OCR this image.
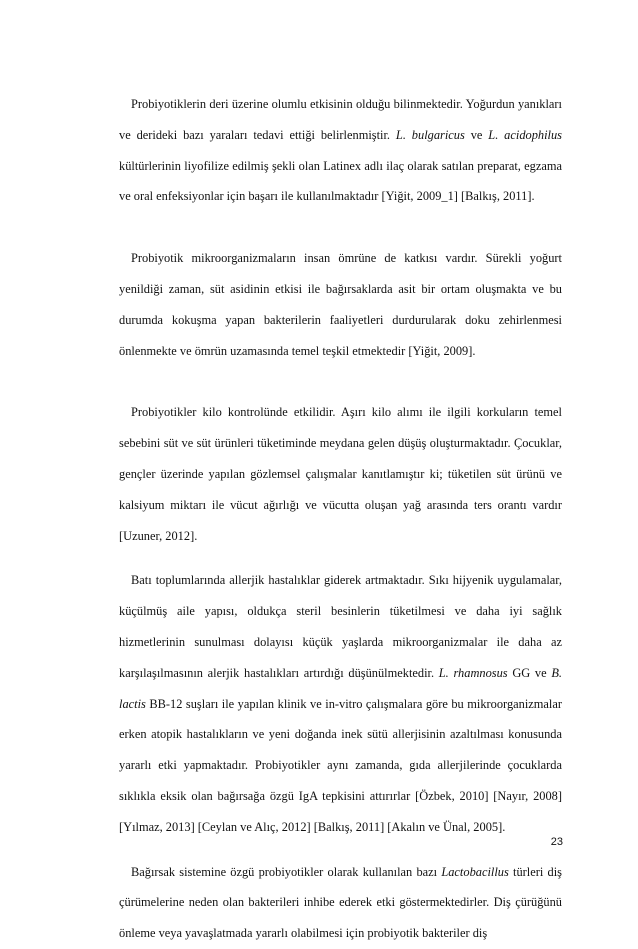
Probiyotiklerin deri üzerine olumlu etkisinin olduğu bilinmektedir. Yoğurdun yanıkları ve derideki bazı yaraları tedavi ettiği belirlenmiştir. L. bulgaricus ve L. acidophilus kültürlerinin liyofilize edilmiş şekli olan Latinex adlı ilaç olarak satılan preparat, egzama ve oral enfeksiyonlar için başarı ile kullanılmaktadır [Yiğit, 2009_1] [Balkış, 2011].

Probiyotik mikroorganizmaların insan ömrüne de katkısı vardır. Sürekli yoğurt yenildiği zaman, süt asidinin etkisi ile bağırsaklarda asit bir ortam oluşmakta ve bu durumda kokuşma yapan bakterilerin faaliyetleri durdurularak doku zehirlenmesi önlenmekte ve ömrün uzamasında temel teşkil etmektedir [Yiğit, 2009].

Probiyotikler kilo kontrolünde etkilidir. Aşırı kilo alımı ile ilgili korkuların temel sebebini süt ve süt ürünleri tüketiminde meydana gelen düşüş oluşturmaktadır. Çocuklar, gençler üzerinde yapılan gözlemsel çalışmalar kanıtlamıştır ki; tüketilen süt ürünü ve kalsiyum miktarı ile vücut ağırlığı ve vücutta oluşan yağ arasında ters orantı vardır [Uzuner, 2012].

Batı toplumlarında allerjik hastalıklar giderek artmaktadır. Sıkı hijyenik uygulamalar, küçülmüş aile yapısı, oldukça steril besinlerin tüketilmesi ve daha iyi sağlık hizmetlerinin sunulması dolayısı küçük yaşlarda mikroorganizmalar ile daha az karşılaşılmasının alerjik hastalıkları artırdığı düşünülmektedir. L. rhamnosus GG ve B. lactis BB-12 suşları ile yapılan klinik ve in-vitro çalışmalara göre bu mikroorganizmalar erken atopik hastalıkların ve yeni doğanda inek sütü allerjisinin azaltılması konusunda yararlı etki yapmaktadır. Probiyotikler aynı zamanda, gıda allerjilerinde çocuklarda sıklıkla eksik olan bağırsağa özgü IgA tepkisini attırırlar [Özbek, 2010] [Nayır, 2008] [Yılmaz, 2013] [Ceylan ve Alıç, 2012] [Balkış, 2011] [Akalın ve Ünal, 2005].

Bağırsak sistemine özgü probiyotikler olarak kullanılan bazı Lactobacillus türleri diş çürümelerine neden olan bakterileri inhibe ederek etki göstermektedirler. Diş çürüğünü önleme veya yavaşlatmada yararlı olabilmesi için probiyotik bakteriler diş

23
